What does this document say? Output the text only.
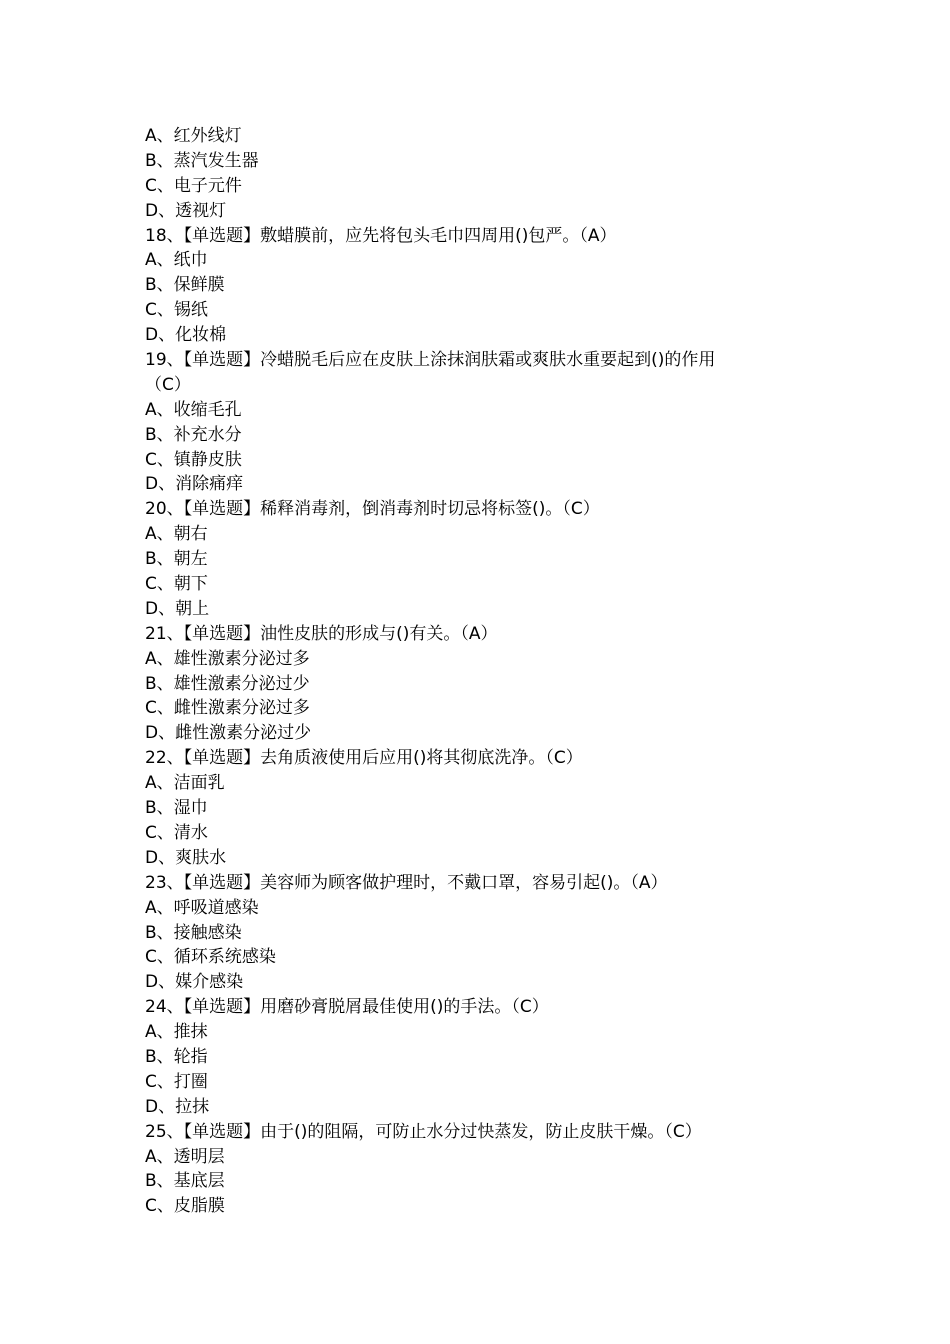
A、红外线灯
B、蒸汽发生器
C、电子元件
D、透视灯
18、【单选题】敷蜡膜前，应先将包头毛巾四周用()包严。（A）
A、纸巾
B、保鲜膜
C、锡纸
D、化妆棉
19、【单选题】冷蜡脱毛后应在皮肤上涂抹润肤霜或爽肤水重要起到()的作用
（C）
A、收缩毛孔
B、补充水分
C、镇静皮肤
D、消除痛痒
20、【单选题】稀释消毒剂，倒消毒剂时切忌将标签()。（C）
A、朝右
B、朝左
C、朝下
D、朝上
21、【单选题】油性皮肤的形成与()有关。（A）
A、雄性激素分泌过多
B、雄性激素分泌过少
C、雌性激素分泌过多
D、雌性激素分泌过少
22、【单选题】去角质液使用后应用()将其彻底洗净。（C）
A、洁面乳
B、湿巾
C、清水
D、爽肤水
23、【单选题】美容师为顾客做护理时，不戴口罩，容易引起()。（A）
A、呼吸道感染
B、接触感染
C、循环系统感染
D、媒介感染
24、【单选题】用磨砂膏脱屑最佳使用()的手法。（C）
A、推抹
B、轮指
C、打圈
D、拉抹
25、【单选题】由于()的阻隔，可防止水分过快蒸发，防止皮肤干燥。（C）
A、透明层
B、基底层
C、皮脂膜
